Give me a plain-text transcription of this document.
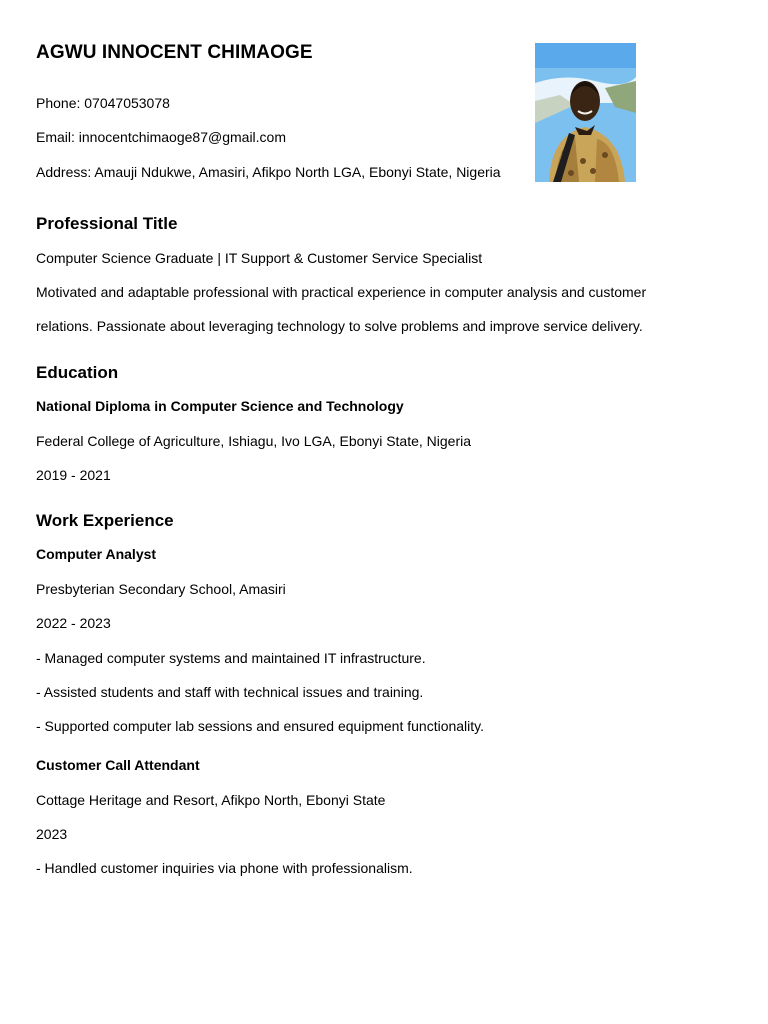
AGWU INNOCENT CHIMAOGE
Phone: 07047053078
Email: innocentchimaoge87@gmail.com
Address: Amauji Ndukwe, Amasiri, Afikpo North LGA, Ebonyi State, Nigeria
Professional Title
Computer Science Graduate | IT Support & Customer Service Specialist
Motivated and adaptable professional with practical experience in computer analysis and customer
relations. Passionate about leveraging technology to solve problems and improve service delivery.
Education
National Diploma in Computer Science and Technology
Federal College of Agriculture, Ishiagu, Ivo LGA, Ebonyi State, Nigeria
2019 - 2021
Work Experience
Computer Analyst
Presbyterian Secondary School, Amasiri
2022 - 2023
- Managed computer systems and maintained IT infrastructure.
- Assisted students and staff with technical issues and training.
- Supported computer lab sessions and ensured equipment functionality.
Customer Call Attendant
Cottage Heritage and Resort, Afikpo North, Ebonyi State
2023
- Handled customer inquiries via phone with professionalism.
